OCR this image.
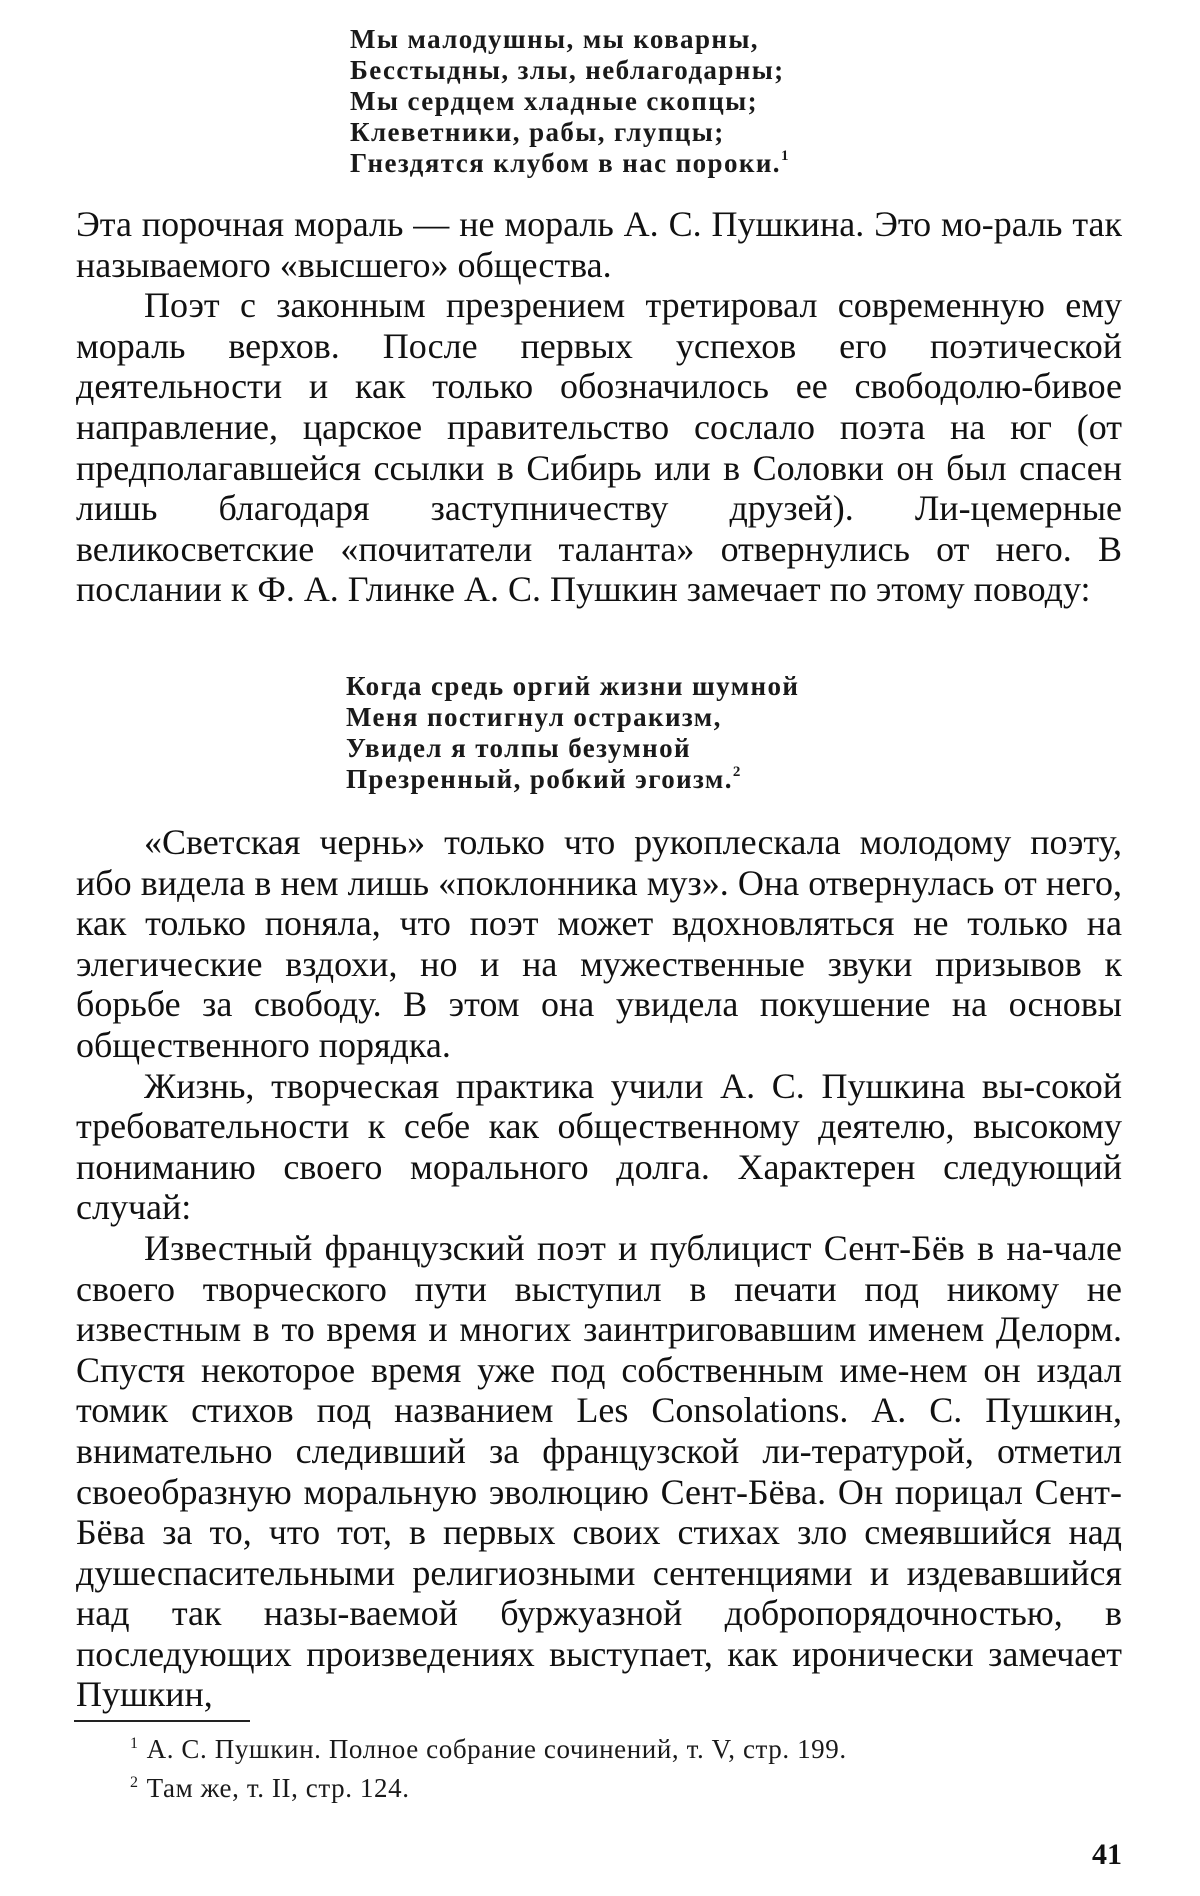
Мы малодушны, мы коварны,
Бесстыдны, злы, неблагодарны;
Мы сердцем хладные скопцы;
Клеветники, рабы, глупцы;
Гнездятся клубом в нас пороки.$^1$

Эта порочная мораль — не мораль А. С. Пушкина. Это мо-раль так называемого «высшего» общества.

Поэт с законным презрением третировал современную ему мораль верхов. После первых успехов его поэтической деятельности и как только обозначилось ее свободолю-бивое направление, царское правительство сослало поэта на юг (от предполагавшейся ссылки в Сибирь или в Соловки он был спасен лишь благодаря заступничеству друзей). Ли-цемерные великосветские «почитатели таланта» отвернулись от него. В послании к Ф. А. Глинке А. С. Пушкин замечает по этому поводу:

Когда средь оргий жизни шумной
Меня постигнул остракизм,
Увидел я толпы безумной
Презренный, робкий эгоизм.$^2$

«Светская чернь» только что рукоплескала молодому поэту, ибо видела в нем лишь «поклонника муз». Она отвернулась от него, как только поняла, что поэт может вдохновляться не только на элегические вздохи, но и на мужественные звуки призывов к борьбе за свободу. В этом она увидела покушение на основы общественного порядка.

Жизнь, творческая практика учили А. С. Пушкина вы-сокой требовательности к себе как общественному деятелю, высокому пониманию своего морального долга. Характерен следующий случай:

Известный французский поэт и публицист Сент-Бёв в на-чале своего творческого пути выступил в печати под никому не известным в то время и многих заинтриговавшим именем Делорм. Спустя некоторое время уже под собственным име-нем он издал томик стихов под названием Les Consolations. А. С. Пушкин, внимательно следивший за французской ли-тературой, отметил своеобразную моральную эволюцию Сент-Бёва. Он порицал Сент-Бёва за то, что тот, в первых своих стихах зло смеявшийся над душеспасительными религиозными сентенциями и издевавшийся над так назы-ваемой буржуазной добропорядочностью, в последующих произведениях выступает, как иронически замечает Пушкин,

$^1$ А. С. Пушкин. Полное собрание сочинений, т. V, стр. 199.
$^2$ Там же, т. II, стр. 124.
41
